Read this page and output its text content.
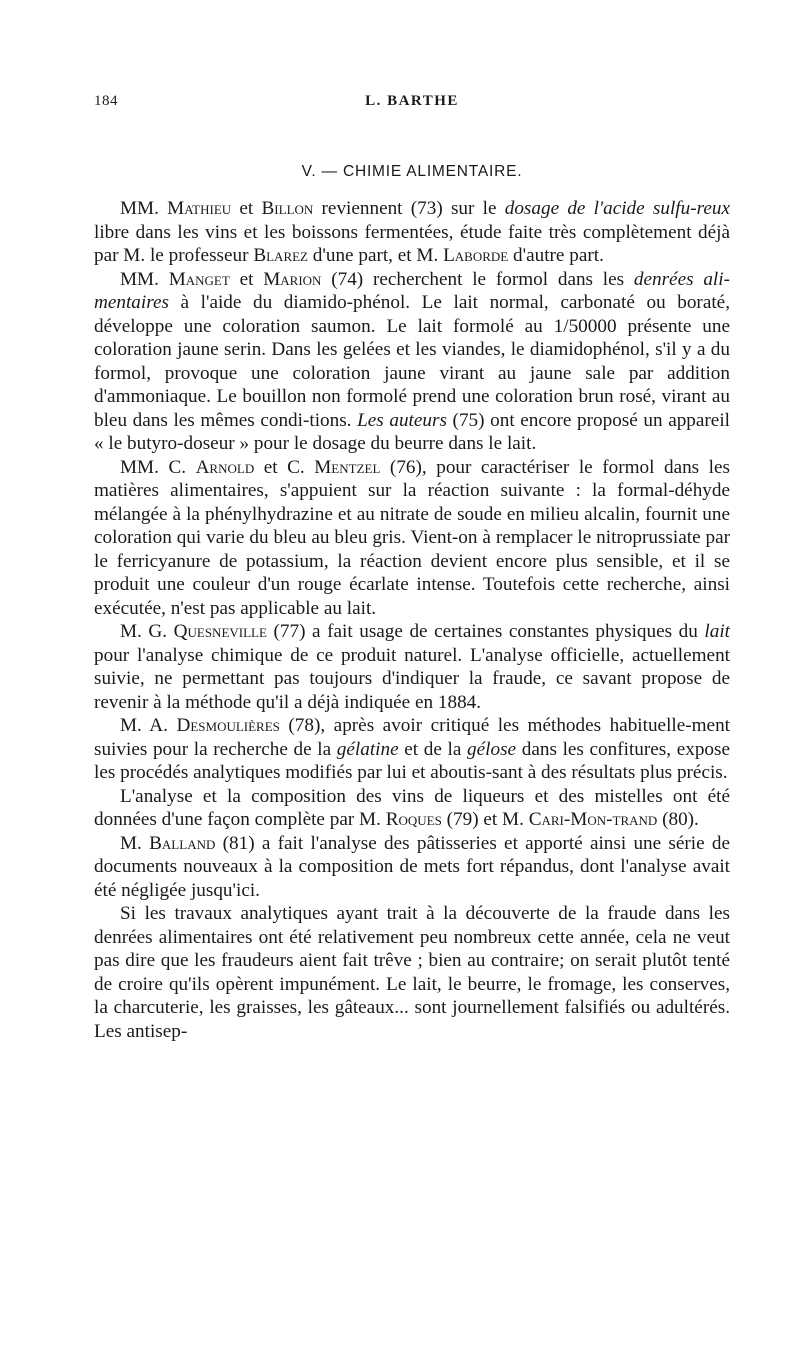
184	L. BARTHE
V. — CHIMIE ALIMENTAIRE.

MM. Mathieu et Billon reviennent (73) sur le dosage de l'acide sulfu-reux libre dans les vins et les boissons fermentées, étude faite très complètement déjà par M. le professeur Blarez d'une part, et M. Laborde d'autre part.

MM. Manget et Marion (74) recherchent le formol dans les denrées ali-mentaires à l'aide du diamido-phénol. Le lait normal, carbonaté ou boraté, développe une coloration saumon. Le lait formolé au 1/50000 présente une coloration jaune serin. Dans les gelées et les viandes, le diamidophénol, s'il y a du formol, provoque une coloration jaune virant au jaune sale par addition d'ammoniaque. Le bouillon non formolé prend une coloration brun rosé, virant au bleu dans les mêmes condi-tions. Les auteurs (75) ont encore proposé un appareil « le butyro-doseur » pour le dosage du beurre dans le lait.

MM. C. Arnold et C. Mentzel (76), pour caractériser le formol dans les matières alimentaires, s'appuient sur la réaction suivante : la formal-déhyde mélangée à la phénylhydrazine et au nitrate de soude en milieu alcalin, fournit une coloration qui varie du bleu au bleu gris. Vient-on à remplacer le nitroprussiate par le ferricyanure de potassium, la réaction devient encore plus sensible, et il se produit une couleur d'un rouge écarlate intense. Toutefois cette recherche, ainsi exécutée, n'est pas applicable au lait.

M. G. Quesneville (77) a fait usage de certaines constantes physiques du lait pour l'analyse chimique de ce produit naturel. L'analyse officielle, actuellement suivie, ne permettant pas toujours d'indiquer la fraude, ce savant propose de revenir à la méthode qu'il a déjà indiquée en 1884.

M. A. Desmoulières (78), après avoir critiqué les méthodes habituelle-ment suivies pour la recherche de la gélatine et de la gélose dans les confitures, expose les procédés analytiques modifiés par lui et aboutis-sant à des résultats plus précis.

L'analyse et la composition des vins de liqueurs et des mistelles ont été données d'une façon complète par M. Roques (79) et M. Cari-Mon-trand (80).

M. Balland (81) a fait l'analyse des pâtisseries et apporté ainsi une série de documents nouveaux à la composition de mets fort répandus, dont l'analyse avait été négligée jusqu'ici.

Si les travaux analytiques ayant trait à la découverte de la fraude dans les denrées alimentaires ont été relativement peu nombreux cette année, cela ne veut pas dire que les fraudeurs aient fait trêve ; bien au contraire; on serait plutôt tenté de croire qu'ils opèrent impunément. Le lait, le beurre, le fromage, les conserves, la charcuterie, les graisses, les gâteaux... sont journellement falsifiés ou adultérés. Les antisep-
